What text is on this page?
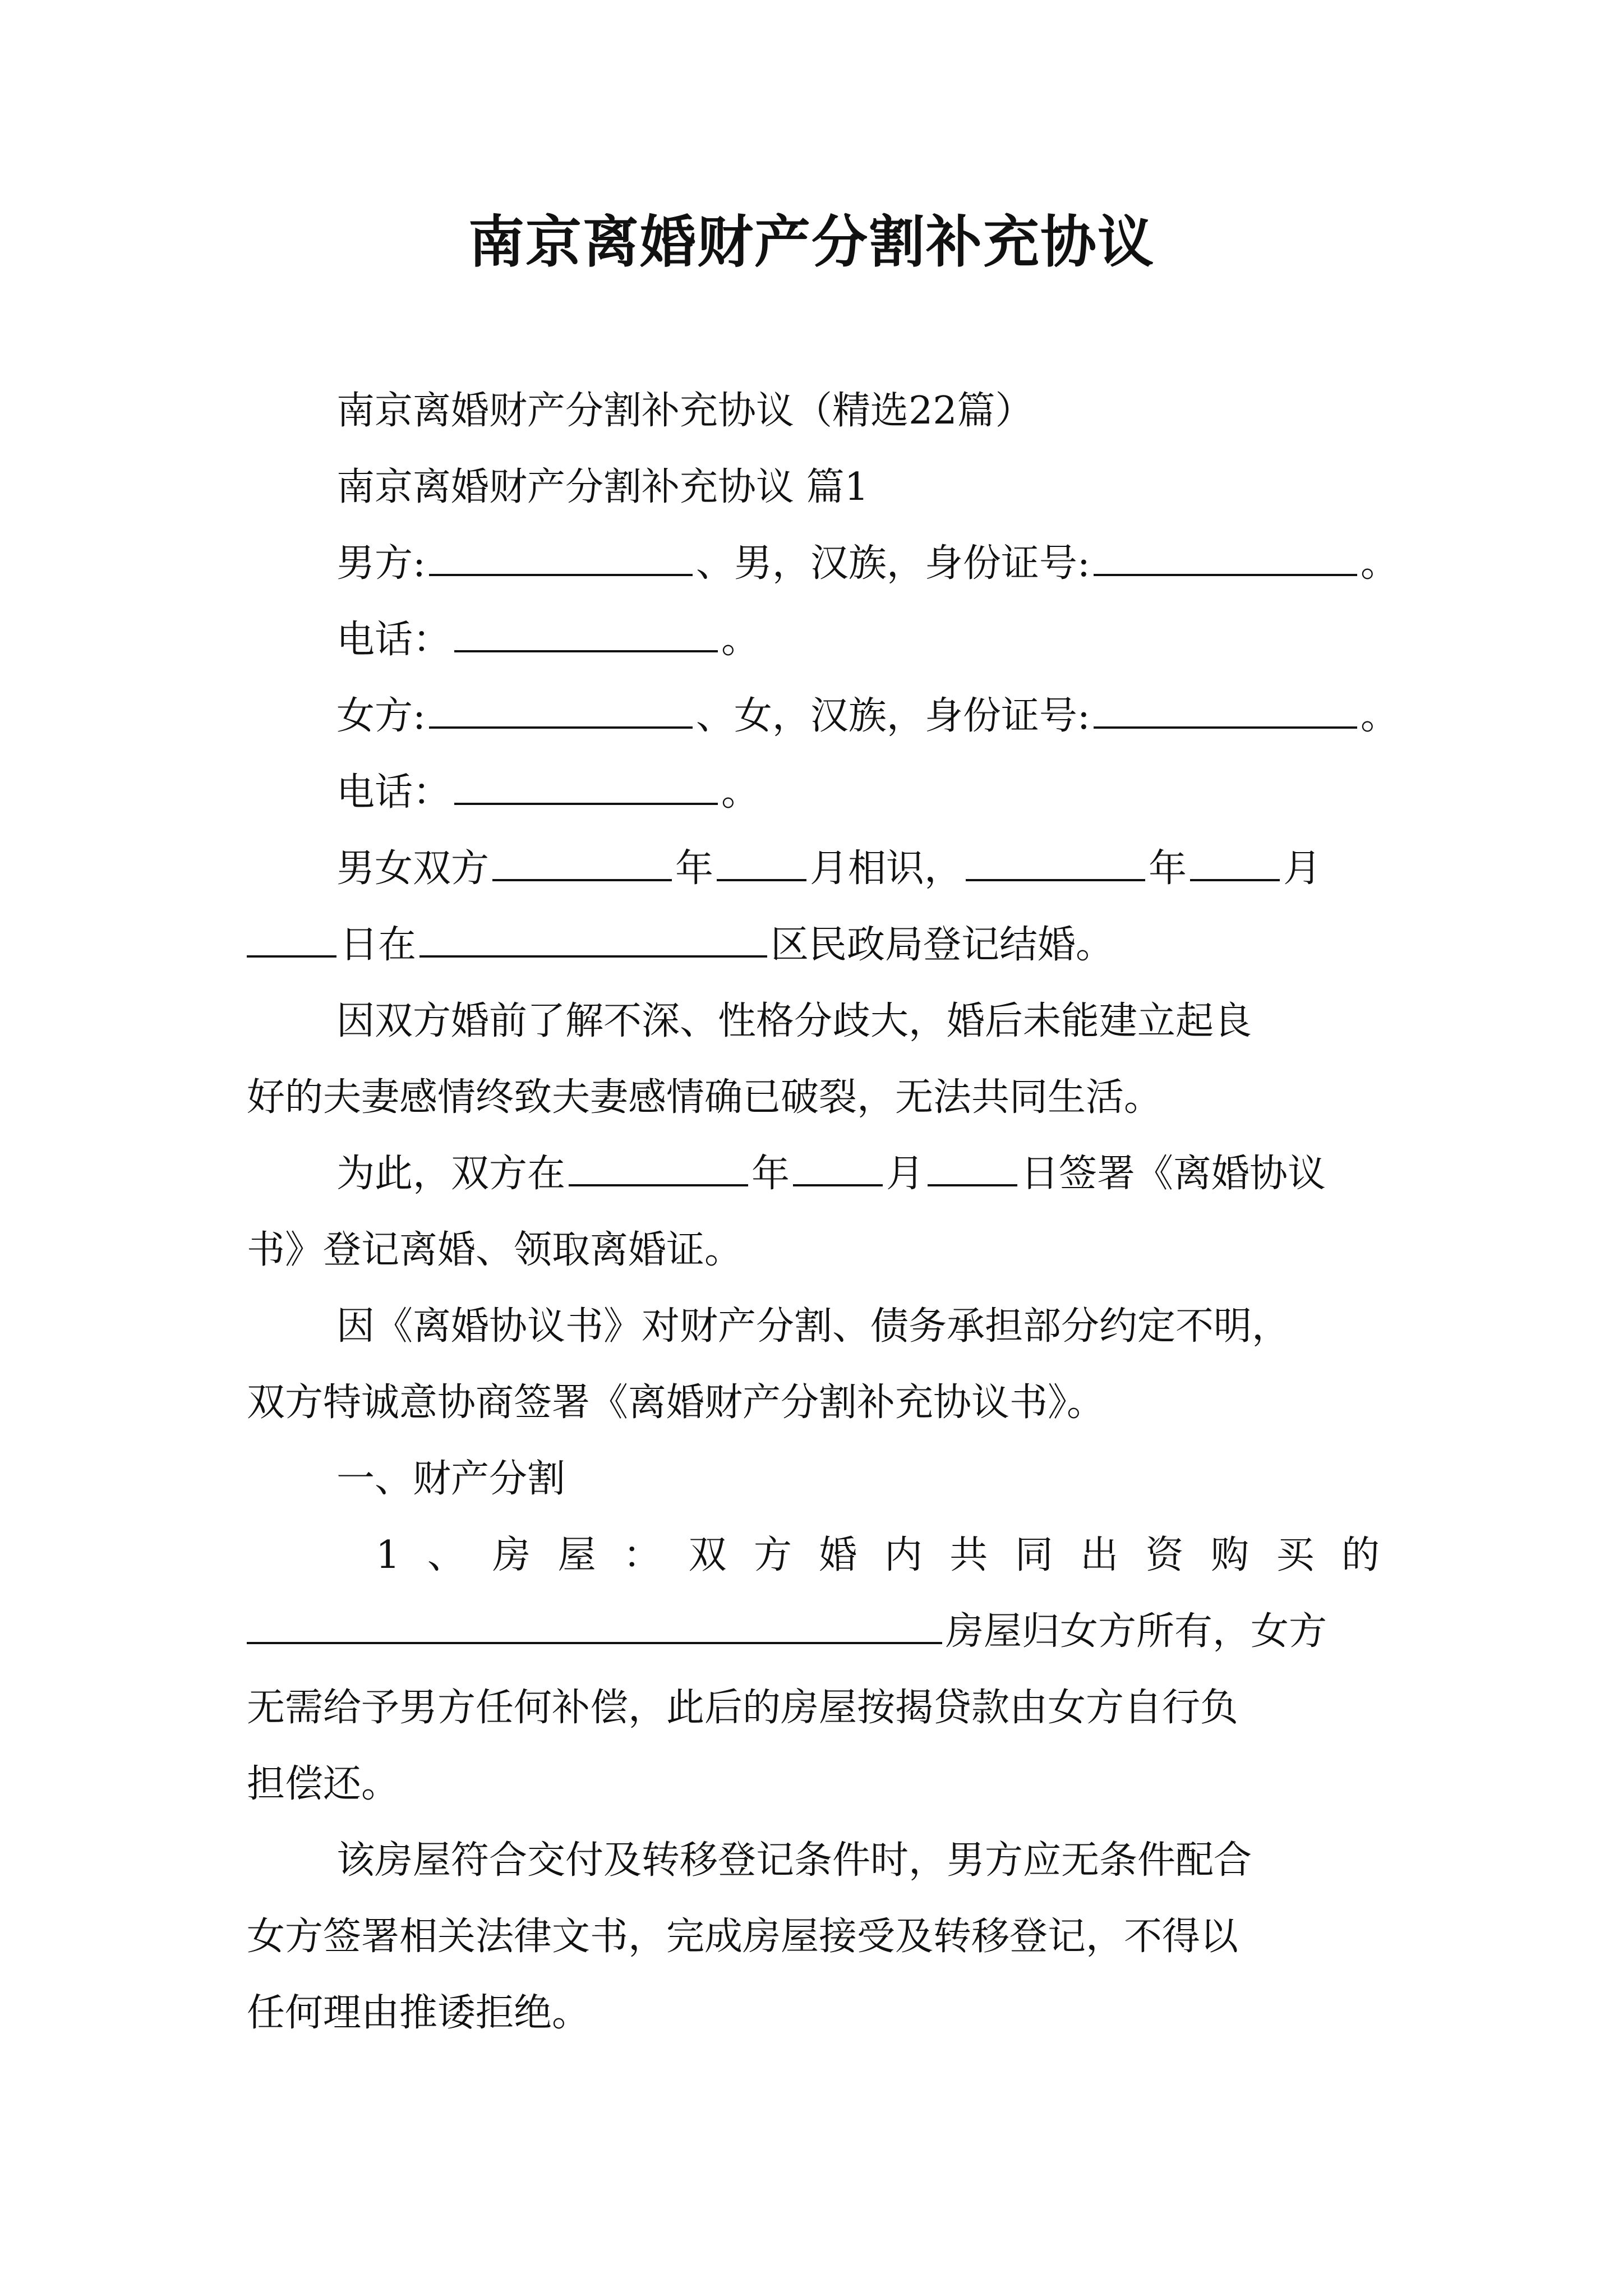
南京离婚财产分割补充协议
南京离婚财产分割补充协议（精选22篇）
南京离婚财产分割补充协议 篇1
男方:	、男，汉族，身份证号:	。
电话：	。
女方:	、女，汉族，身份证号:	。
电话：	。
男女双方	年	月相识，	年	月
日在	区民政局登记结婚。
因双方婚前了解不深、性格分歧大，婚后未能建立起良
好的夫妻感情终致夫妻感情确已破裂，无法共同生活。
为此，双方在	年	月	日签署《离婚协议
书》登记离婚、领取离婚证。
因《离婚协议书》对财产分割、债务承担部分约定不明，
双方特诚意协商签署《离婚财产分割补充协议书》。
一、财产分割
1、房屋：双方婚内共同出资购买的
房屋归女方所有，女方
无需给予男方任何补偿，此后的房屋按揭贷款由女方自行负
担偿还。
该房屋符合交付及转移登记条件时，男方应无条件配合
女方签署相关法律文书，完成房屋接受及转移登记，不得以
任何理由推诿拒绝。
